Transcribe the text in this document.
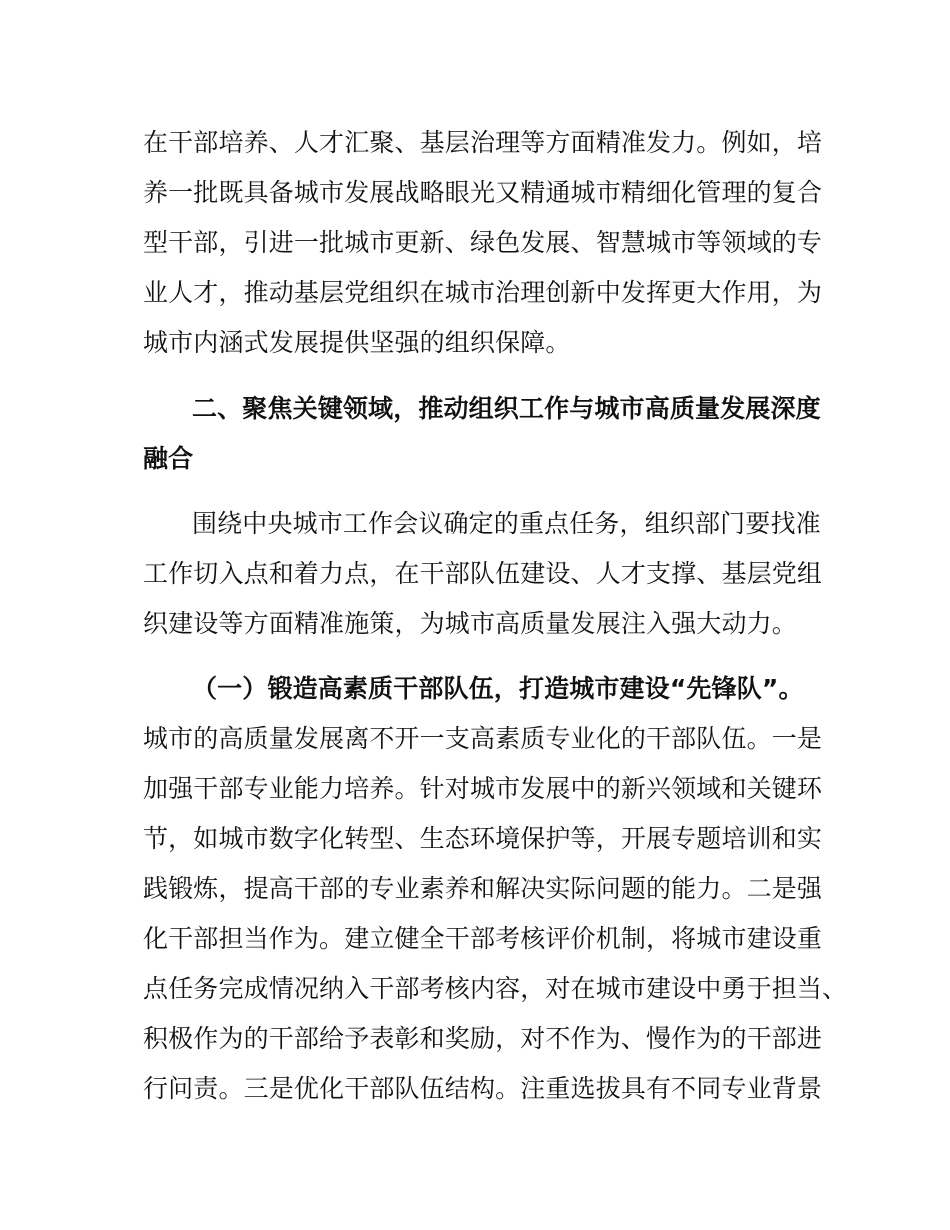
在干部培养、人才汇聚、基层治理等方面精准发力。例如，培
养一批既具备城市发展战略眼光又精通城市精细化管理的复合
型干部，引进一批城市更新、绿色发展、智慧城市等领域的专
业人才，推动基层党组织在城市治理创新中发挥更大作用，为
城市内涵式发展提供坚强的组织保障。
二、聚焦关键领域，推动组织工作与城市高质量发展深度
融合
围绕中央城市工作会议确定的重点任务，组织部门要找准
工作切入点和着力点，在干部队伍建设、人才支撑、基层党组
织建设等方面精准施策，为城市高质量发展注入强大动力。
（一）锻造高素质干部队伍，打造城市建设“先锋队”。
城市的高质量发展离不开一支高素质专业化的干部队伍。一是
加强干部专业能力培养。针对城市发展中的新兴领域和关键环
节，如城市数字化转型、生态环境保护等，开展专题培训和实
践锻炼，提高干部的专业素养和解决实际问题的能力。二是强
化干部担当作为。建立健全干部考核评价机制，将城市建设重
点任务完成情况纳入干部考核内容，对在城市建设中勇于担当、
积极作为的干部给予表彰和奖励，对不作为、慢作为的干部进
行问责。三是优化干部队伍结构。注重选拔具有不同专业背景
